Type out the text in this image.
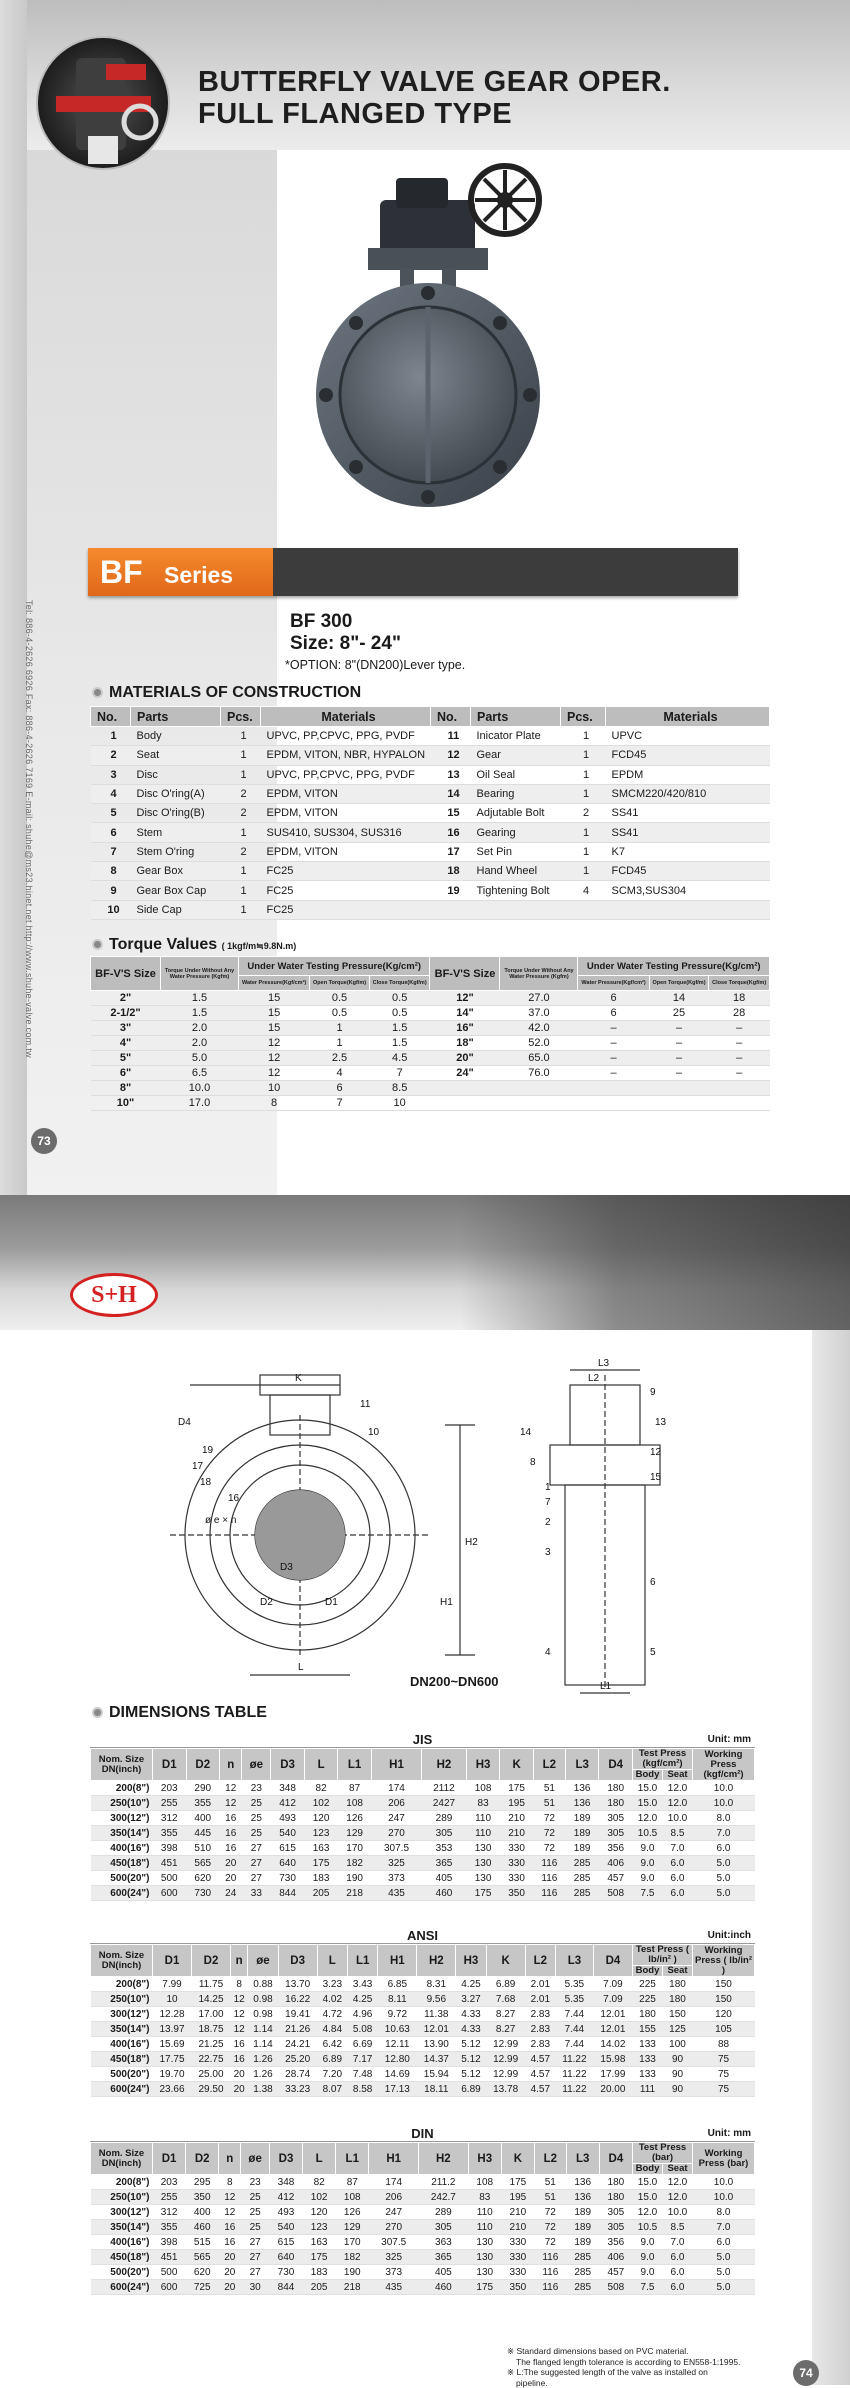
BUTTERFLY VALVE GEAR OPER.
FULL FLANGED TYPE
Tel: 886-4-2626 6926 Fax: 886-4-2626 7169 E-mail: shuhe@ms23.hinet.net http://www.shuhe-valve.com.tw
73
BF Series
BF 300
Size: 8"- 24"
*OPTION: 8"(DN200)Lever type.
MATERIALS OF CONSTRUCTION
No.	Parts	Pcs.	Materials	No.	Parts	Pcs.	Materials
1	Body	1	UPVC, PP,CPVC, PPG, PVDF	11	Inicator Plate	1	UPVC
2	Seat	1	EPDM, VITON, NBR, HYPALON	12	Gear	1	FCD45
3	Disc	1	UPVC, PP,CPVC, PPG, PVDF	13	Oil Seal	1	EPDM
4	Disc O'ring(A)	2	EPDM, VITON	14	Bearing	1	SMCM220/420/810
5	Disc O'ring(B)	2	EPDM, VITON	15	Adjutable Bolt	2	SS41
6	Stem	1	SUS410, SUS304, SUS316	16	Gearing	1	SS41
7	Stem O'ring	2	EPDM, VITON	17	Set Pin	1	K7
8	Gear Box	1	FC25	18	Hand Wheel	1	FCD45
9	Gear Box Cap	1	FC25	19	Tightening Bolt	4	SCM3,SUS304
10	Side Cap	1	FC25				
Torque Values ( 1kgf/m≒9.8N.m)
BF-V'S Size	Torque Under Without Any Water Pressure (Kgfm)	Under Water Testing Pressure(Kg/cm²)			BF-V'S Size	Torque Under Without Any Water Pressure (Kgfm)	Under Water Testing Pressure(Kg/cm²)		
		Water Pressure(Kgf/cm²)	Open Torque(Kgf/m)	Close Torque(Kgf/m)			Water Pressure(Kgf/cm²)	Open Torque(Kgf/m)	Close Torque(Kgf/m)
2"	1.5	15	0.5	0.5	12"	27.0	6	14	18
2-1/2"	1.5	15	0.5	0.5	14"	37.0	6	25	28
3"	2.0	15	1	1.5	16"	42.0	–	–	–
4"	2.0	12	1	1.5	18"	52.0	–	–	–
5"	5.0	12	2.5	4.5	20"	65.0	–	–	–
6"	6.5	12	4	7	24"	76.0	–	–	–
8"	10.0	10	6	8.5					
10"	17.0	8	7	10					
S+H
K
D4
11
10
19
17
18
16
ø e × n
D3
D2	D1
H2
H1
L
L3
L2
9
13
14
8
1
7
12
15
2
3
6
4	5
L1
DN200~DN600
DIMENSIONS TABLE
JIS	Unit: mm
Nom. Size DN(inch)	D1	D2	n	øe	D3	L	L1	H1	H2	H3	K	L2	L3	D4	Test Press (kgf/cm²)		Working Press (kgf/cm²)
															Body	Seat	
200(8")	203	290	12	23	348	82	87	174	2112	108	175	51	136	180	15.0	12.0	10.0
250(10")	255	355	12	25	412	102	108	206	2427	83	195	51	136	180	15.0	12.0	10.0
300(12")	312	400	16	25	493	120	126	247	289	110	210	72	189	305	12.0	10.0	8.0
350(14")	355	445	16	25	540	123	129	270	305	110	210	72	189	305	10.5	8.5	7.0
400(16")	398	510	16	27	615	163	170	307.5	353	130	330	72	189	356	9.0	7.0	6.0
450(18")	451	565	20	27	640	175	182	325	365	130	330	116	285	406	9.0	6.0	5.0
500(20")	500	620	20	27	730	183	190	373	405	130	330	116	285	457	9.0	6.0	5.0
600(24")	600	730	24	33	844	205	218	435	460	175	350	116	285	508	7.5	6.0	5.0
ANSI	Unit:inch
Nom. Size DN(inch)	D1	D2	n	øe	D3	L	L1	H1	H2	H3	K	L2	L3	D4	Test Press ( lb/in² )		Working Press ( lb/in² )
															Body	Seat	
200(8")	7.99	11.75	8	0.88	13.70	3.23	3.43	6.85	8.31	4.25	6.89	2.01	5.35	7.09	225	180	150
250(10")	10	14.25	12	0.98	16.22	4.02	4.25	8.11	9.56	3.27	7.68	2.01	5.35	7.09	225	180	150
300(12")	12.28	17.00	12	0.98	19.41	4.72	4.96	9.72	11.38	4.33	8.27	2.83	7.44	12.01	180	150	120
350(14")	13.97	18.75	12	1.14	21.26	4.84	5.08	10.63	12.01	4.33	8.27	2.83	7.44	12.01	155	125	105
400(16")	15.69	21.25	16	1.14	24.21	6.42	6.69	12.11	13.90	5.12	12.99	2.83	7.44	14.02	133	100	88
450(18")	17.75	22.75	16	1.26	25.20	6.89	7.17	12.80	14.37	5.12	12.99	4.57	11.22	15.98	133	90	75
500(20")	19.70	25.00	20	1.26	28.74	7.20	7.48	14.69	15.94	5.12	12.99	4.57	11.22	17.99	133	90	75
600(24")	23.66	29.50	20	1.38	33.23	8.07	8.58	17.13	18.11	6.89	13.78	4.57	11.22	20.00	111	90	75
DIN	Unit: mm
Nom. Size DN(inch)	D1	D2	n	øe	D3	L	L1	H1	H2	H3	K	L2	L3	D4	Test Press (bar)		Working Press (bar)
															Body	Seat	
200(8")	203	295	8	23	348	82	87	174	211.2	108	175	51	136	180	15.0	12.0	10.0
250(10")	255	350	12	25	412	102	108	206	242.7	83	195	51	136	180	15.0	12.0	10.0
300(12")	312	400	12	25	493	120	126	247	289	110	210	72	189	305	12.0	10.0	8.0
350(14")	355	460	16	25	540	123	129	270	305	110	210	72	189	305	10.5	8.5	7.0
400(16")	398	515	16	27	615	163	170	307.5	363	130	330	72	189	356	9.0	7.0	6.0
450(18")	451	565	20	27	640	175	182	325	365	130	330	116	285	406	9.0	6.0	5.0
500(20")	500	620	20	27	730	183	190	373	405	130	330	116	285	457	9.0	6.0	5.0
600(24")	600	725	20	30	844	205	218	435	460	175	350	116	285	508	7.5	6.0	5.0
※ Standard dimensions based on PVC material.
The flanged length tolerance is according to EN558-1:1995.
※ L:The suggested length of the valve as installed on
pipeline.
74
